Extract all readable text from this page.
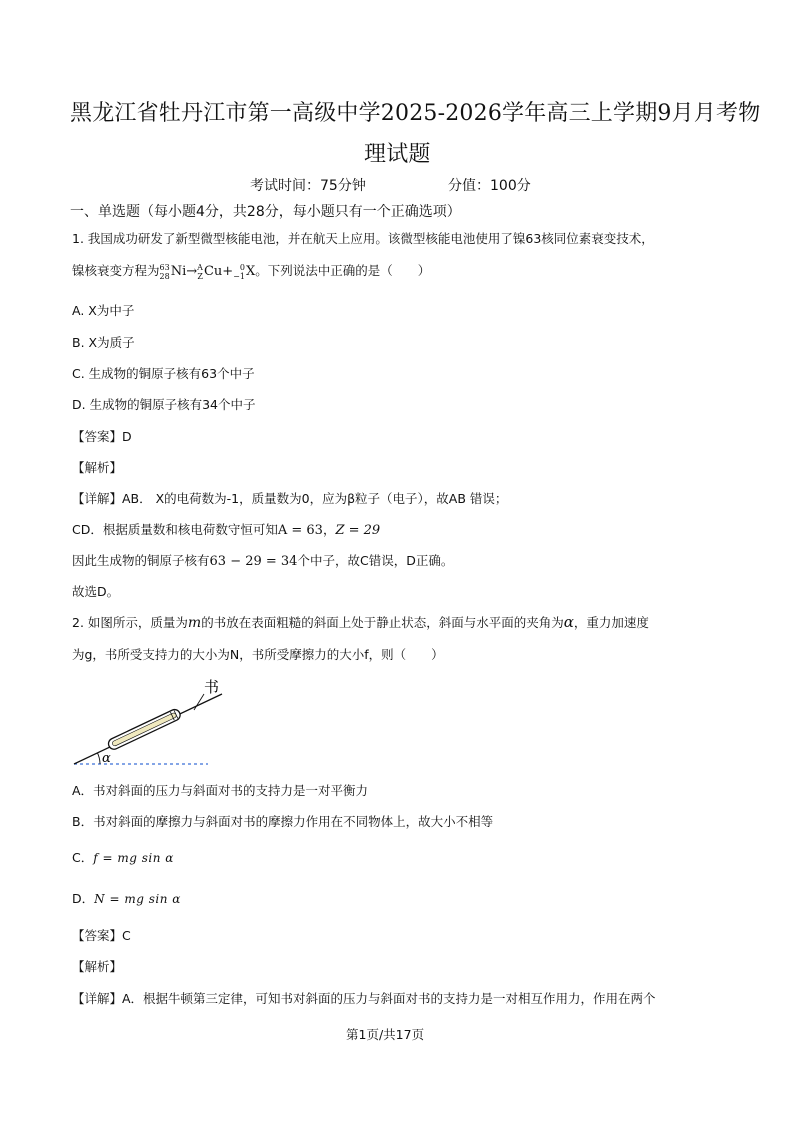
黑龙江省牡丹江市第一高级中学2025-2026学年高三上学期9月月考物
理试题
考试时间：75分钟	分值：100分
一、单选题（每小题4分，共28分，每小题只有一个正确选项）
1. 我国成功研发了新型微型核能电池，并在航天上应用。该微型核能电池使用了镍63核同位素衰变技术，
镍核衰变方程为 63
28 Ni→ A
Z Cu+ 0
−1 X。下列说法中正确的是（　　）
A. X为中子
B. X为质子
C. 生成物的铜原子核有63个中子
D. 生成物的铜原子核有34个中子
【答案】D
【解析】
【详解】AB． X的电荷数为-1，质量数为0，应为β粒子（电子），故AB 错误；
CD．根据质量数和核电荷数守恒可知A = 63，Z = 29
因此生成物的铜原子核有63 − 29 = 34个中子，故C错误，D正确。
故选D。
2. 如图所示，质量为m的书放在表面粗糙的斜面上处于静止状态，斜面与水平面的夹角为α，重力加速度
为g，书所受支持力的大小为N，书所受摩擦力的大小f，则（　　）
书
α
A．书对斜面的压力与斜面对书的支持力是一对平衡力
B．书对斜面的摩擦力与斜面对书的摩擦力作用在不同物体上，故大小不相等
C．f = mg sin α
D．N = mg sin α
【答案】C
【解析】
【详解】A．根据牛顿第三定律，可知书对斜面的压力与斜面对书的支持力是一对相互作用力，作用在两个
第1页/共17页
